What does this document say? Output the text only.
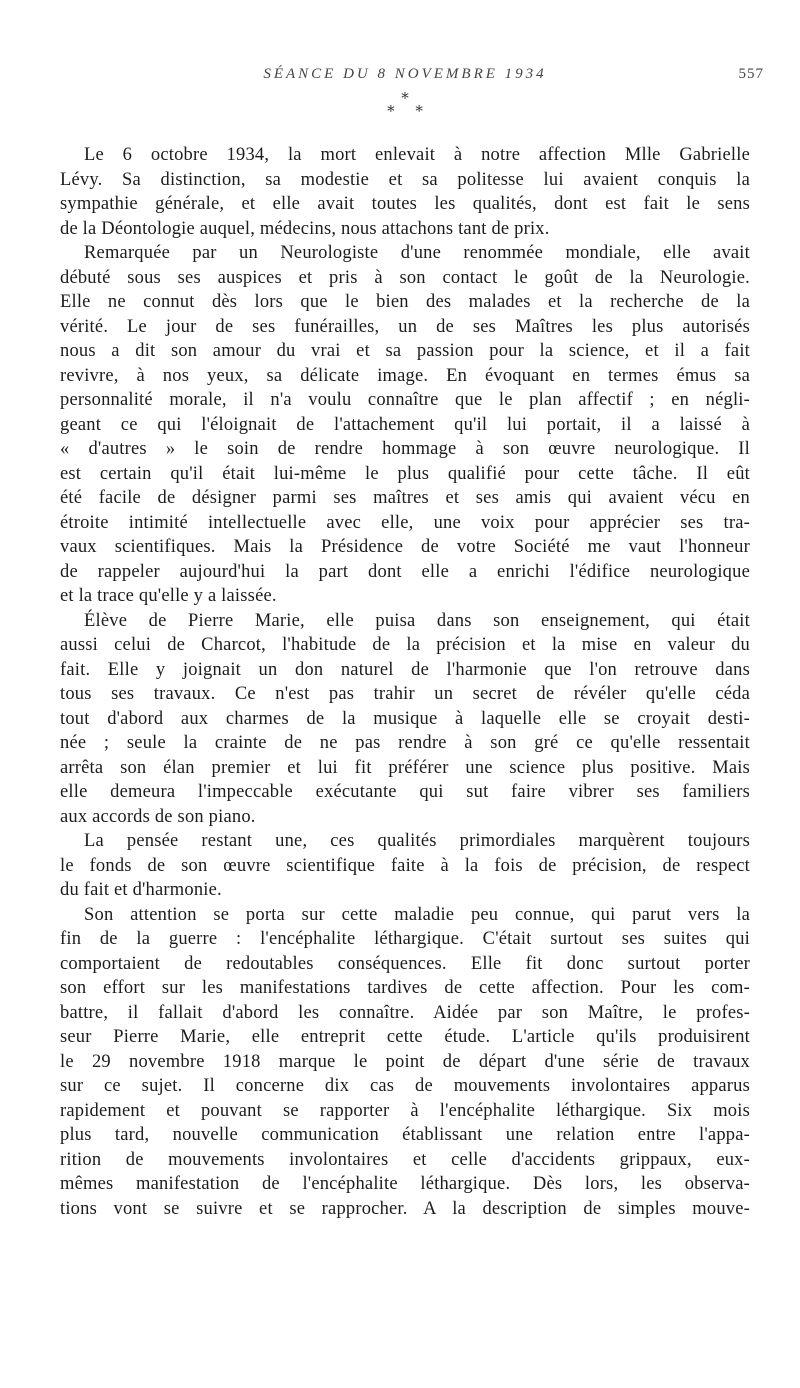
SÉANCE DU 8 NOVEMBRE 1934	557
*
* *
Le 6 octobre 1934, la mort enlevait à notre affection Mlle Gabrielle
Lévy. Sa distinction, sa modestie et sa politesse lui avaient conquis la
sympathie générale, et elle avait toutes les qualités, dont est fait le sens
de la Déontologie auquel, médecins, nous attachons tant de prix.
Remarquée par un Neurologiste d'une renommée mondiale, elle avait
débuté sous ses auspices et pris à son contact le goût de la Neurologie.
Elle ne connut dès lors que le bien des malades et la recherche de la
vérité. Le jour de ses funérailles, un de ses Maîtres les plus autorisés
nous a dit son amour du vrai et sa passion pour la science, et il a fait
revivre, à nos yeux, sa délicate image. En évoquant en termes émus sa
personnalité morale, il n'a voulu connaître que le plan affectif ; en négli-
geant ce qui l'éloignait de l'attachement qu'il lui portait, il a laissé à
« d'autres » le soin de rendre hommage à son œuvre neurologique. Il
est certain qu'il était lui-même le plus qualifié pour cette tâche. Il eût
été facile de désigner parmi ses maîtres et ses amis qui avaient vécu en
étroite intimité intellectuelle avec elle, une voix pour apprécier ses tra-
vaux scientifiques. Mais la Présidence de votre Société me vaut l'honneur
de rappeler aujourd'hui la part dont elle a enrichi l'édifice neurologique
et la trace qu'elle y a laissée.
Élève de Pierre Marie, elle puisa dans son enseignement, qui était
aussi celui de Charcot, l'habitude de la précision et la mise en valeur du
fait. Elle y joignait un don naturel de l'harmonie que l'on retrouve dans
tous ses travaux. Ce n'est pas trahir un secret de révéler qu'elle céda
tout d'abord aux charmes de la musique à laquelle elle se croyait desti-
née ; seule la crainte de ne pas rendre à son gré ce qu'elle ressentait
arrêta son élan premier et lui fit préférer une science plus positive. Mais
elle demeura l'impeccable exécutante qui sut faire vibrer ses familiers
aux accords de son piano.
La pensée restant une, ces qualités primordiales marquèrent toujours
le fonds de son œuvre scientifique faite à la fois de précision, de respect
du fait et d'harmonie.
Son attention se porta sur cette maladie peu connue, qui parut vers la
fin de la guerre : l'encéphalite léthargique. C'était surtout ses suites qui
comportaient de redoutables conséquences. Elle fit donc surtout porter
son effort sur les manifestations tardives de cette affection. Pour les com-
battre, il fallait d'abord les connaître. Aidée par son Maître, le profes-
seur Pierre Marie, elle entreprit cette étude. L'article qu'ils produisirent
le 29 novembre 1918 marque le point de départ d'une série de travaux
sur ce sujet. Il concerne dix cas de mouvements involontaires apparus
rapidement et pouvant se rapporter à l'encéphalite léthargique. Six mois
plus tard, nouvelle communication établissant une relation entre l'appa-
rition de mouvements involontaires et celle d'accidents grippaux, eux-
mêmes manifestation de l'encéphalite léthargique. Dès lors, les observa-
tions vont se suivre et se rapprocher. A la description de simples mouve-
